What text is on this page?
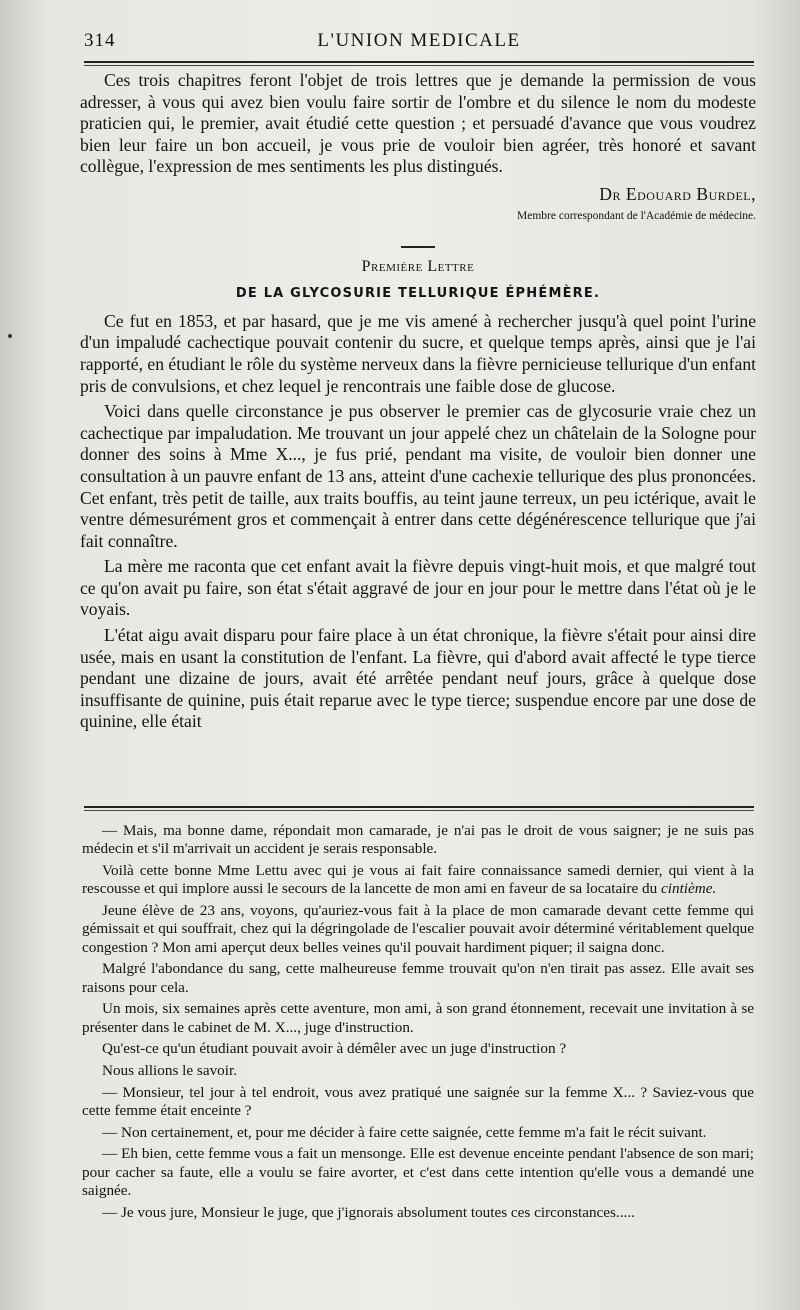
314	L'UNION MEDICALE

Ces trois chapitres feront l'objet de trois lettres que je demande la permission de vous adresser, à vous qui avez bien voulu faire sortir de l'ombre et du silence le nom du modeste praticien qui, le premier, avait étudié cette question ; et persuadé d'avance que vous voudrez bien leur faire un bon accueil, je vous prie de vouloir bien agréer, très honoré et savant collègue, l'expression de mes sentiments les plus distingués.

Dr Edouard Burdel,

Membre correspondant de l'Académie de médecine.

Première Lettre

DE LA GLYCOSURIE TELLURIQUE ÉPHÉMÈRE.

Ce fut en 1853, et par hasard, que je me vis amené à rechercher jusqu'à quel point l'urine d'un impaludé cachectique pouvait contenir du sucre, et quelque temps après, ainsi que je l'ai rapporté, en étudiant le rôle du système nerveux dans la fièvre pernicieuse tellurique d'un enfant pris de convulsions, et chez lequel je rencontrais une faible dose de glucose.

Voici dans quelle circonstance je pus observer le premier cas de glycosurie vraie chez un cachectique par impaludation. Me trouvant un jour appelé chez un châtelain de la Sologne pour donner des soins à Mme X..., je fus prié, pendant ma visite, de vouloir bien donner une consultation à un pauvre enfant de 13 ans, atteint d'une cachexie tellurique des plus prononcées. Cet enfant, très petit de taille, aux traits bouffis, au teint jaune terreux, un peu ictérique, avait le ventre démesurément gros et commençait à entrer dans cette dégénérescence tellurique que j'ai fait connaître.

La mère me raconta que cet enfant avait la fièvre depuis vingt-huit mois, et que malgré tout ce qu'on avait pu faire, son état s'était aggravé de jour en jour pour le mettre dans l'état où je le voyais.

L'état aigu avait disparu pour faire place à un état chronique, la fièvre s'était pour ainsi dire usée, mais en usant la constitution de l'enfant. La fièvre, qui d'abord avait affecté le type tierce pendant une dizaine de jours, avait été arrêtée pendant neuf jours, grâce à quelque dose insuffisante de quinine, puis était reparue avec le type tierce; suspendue encore par une dose de quinine, elle était

— Mais, ma bonne dame, répondait mon camarade, je n'ai pas le droit de vous saigner; je ne suis pas médecin et s'il m'arrivait un accident je serais responsable.

Voilà cette bonne Mme Lettu avec qui je vous ai fait faire connaissance samedi dernier, qui vient à la rescousse et qui implore aussi le secours de la lancette de mon ami en faveur de sa locataire du cintième.

Jeune élève de 23 ans, voyons, qu'auriez-vous fait à la place de mon camarade devant cette femme qui gémissait et qui souffrait, chez qui la dégringolade de l'escalier pouvait avoir déterminé véritablement quelque congestion ? Mon ami aperçut deux belles veines qu'il pouvait hardiment piquer; il saigna donc.

Malgré l'abondance du sang, cette malheureuse femme trouvait qu'on n'en tirait pas assez. Elle avait ses raisons pour cela.

Un mois, six semaines après cette aventure, mon ami, à son grand étonnement, recevait une invitation à se présenter dans le cabinet de M. X..., juge d'instruction.

Qu'est-ce qu'un étudiant pouvait avoir à démêler avec un juge d'instruction ?

Nous allions le savoir.

— Monsieur, tel jour à tel endroit, vous avez pratiqué une saignée sur la femme X... ? Saviez-vous que cette femme était enceinte ?

— Non certainement, et, pour me décider à faire cette saignée, cette femme m'a fait le récit suivant.

— Eh bien, cette femme vous a fait un mensonge. Elle est devenue enceinte pendant l'absence de son mari; pour cacher sa faute, elle a voulu se faire avorter, et c'est dans cette intention qu'elle vous a demandé une saignée.

— Je vous jure, Monsieur le juge, que j'ignorais absolument toutes ces circonstances.....
